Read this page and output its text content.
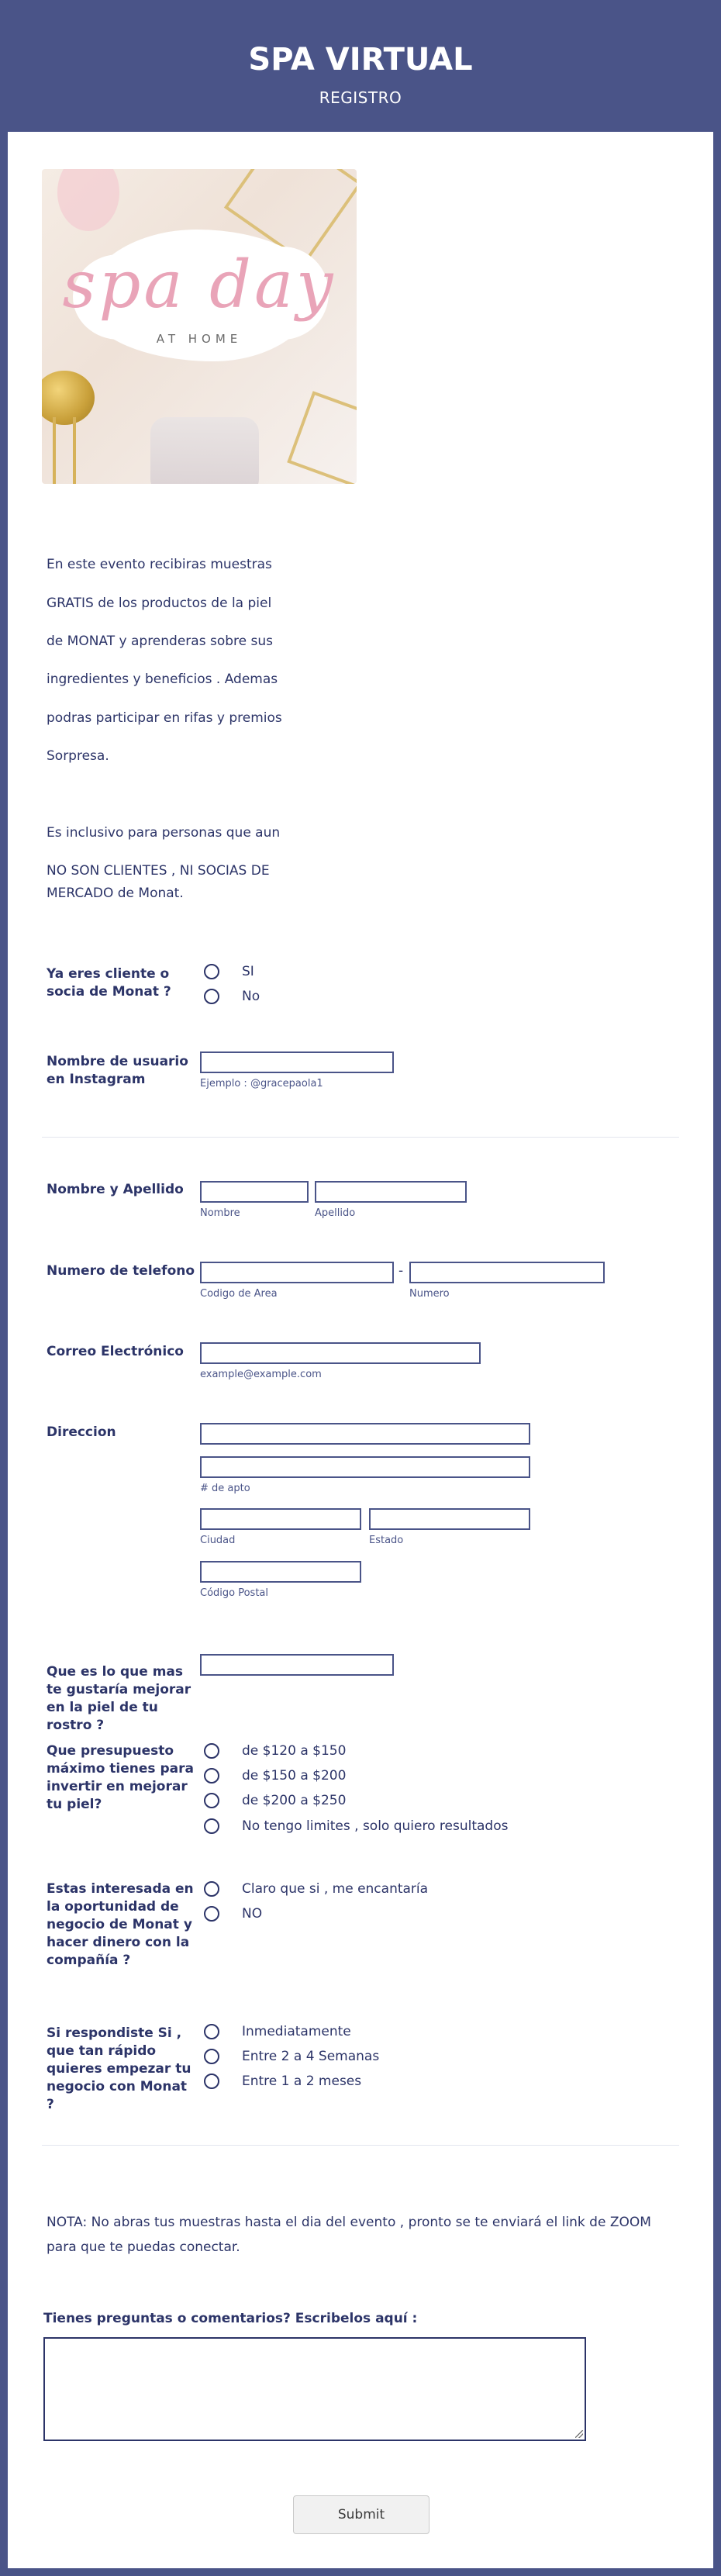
SPA VIRTUAL
REGISTRO
spa day
AT HOME
En este evento recibiras muestras
GRATIS de los productos de la piel
de MONAT y aprenderas sobre sus
ingredientes y beneficios . Ademas
podras participar en rifas y premios
Sorpresa.
Es inclusivo para personas que aun
NO SON CLIENTES , NI SOCIAS DE
MERCADO de Monat.
Ya eres cliente o socia de Monat ?
SI
No
Nombre de usuario en Instagram	Ejemplo : @gracepaola1
Nombre y Apellido
Nombre	Apellido
Numero de telefono	-
Codigo de Area	Numero
Correo Electrónico
example@example.com
Direccion
# de apto
Ciudad	Estado
Código Postal
Que es lo que mas te gustaría mejorar en la piel de tu rostro ?
Que presupuesto máximo tienes para invertir en mejorar tu piel?
de $120 a $150
de $150 a $200
de $200 a $250
No tengo limites , solo quiero resultados
Estas interesada en la oportunidad de negocio de Monat y hacer dinero con la compañía ?
Claro que si , me encantaría
NO
Si respondiste Si , que tan rápido quieres empezar tu negocio con Monat ?
Inmediatamente
Entre 2 a 4 Semanas
Entre 1 a 2 meses
NOTA: No abras tus muestras hasta el dia del evento , pronto se te enviará el link de ZOOM
para que te puedas conectar.
Tienes preguntas o comentarios? Escribelos aquí :
Submit
